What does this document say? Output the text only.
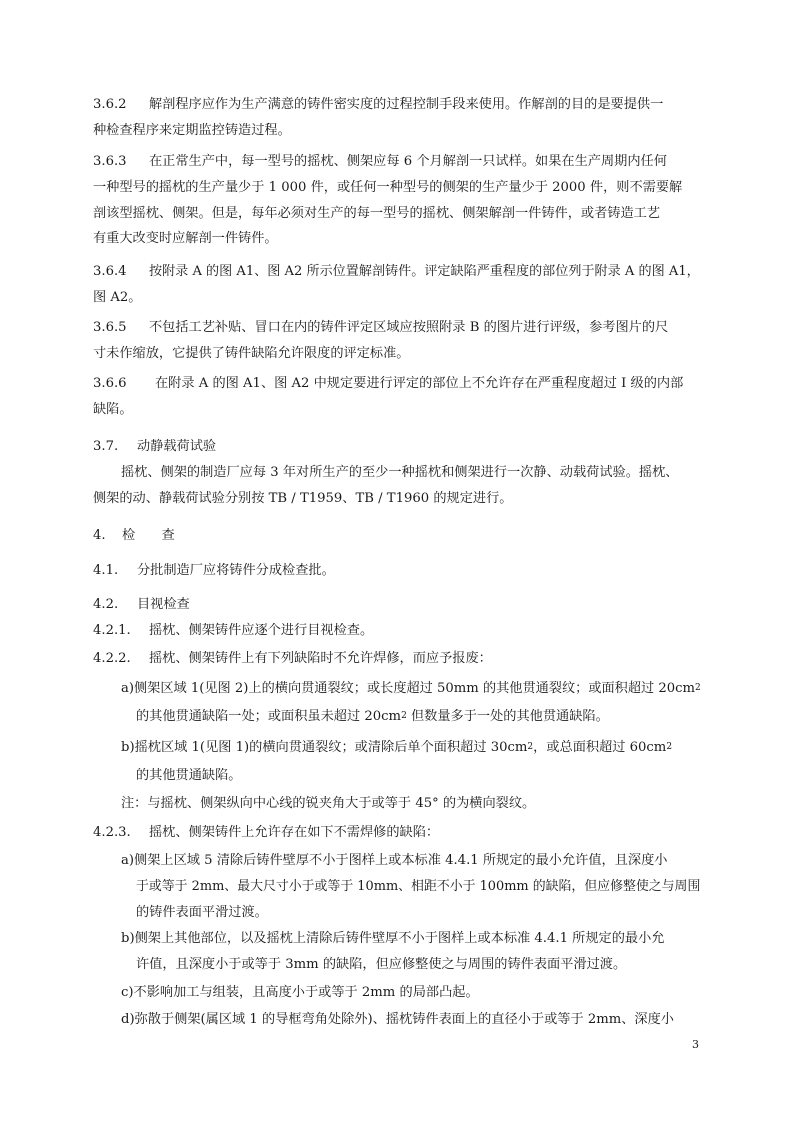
3.6.2 解剖程序应作为生产满意的铸件密实度的过程控制手段来使用。作解剖的目的是要提供一
种检查程序来定期监控铸造过程。
3.6.3 在正常生产中，每一型号的摇枕、侧架应每 6 个月解剖一只试样。如果在生产周期内任何
一种型号的摇枕的生产量少于 1 000 件，或任何一种型号的侧架的生产量少于 2000 件，则不需要解
剖该型摇枕、侧架。但是，每年必须对生产的每一型号的摇枕、侧架解剖一件铸件，或者铸造工艺
有重大改变时应解剖一件铸件。
3.6.4 按附录 A 的图 A1、图 A2 所示位置解剖铸件。评定缺陷严重程度的部位列于附录 A 的图 A1，
图 A2。
3.6.5 不包括工艺补贴、冒口在内的铸件评定区域应按照附录 B 的图片进行评级，参考图片的尺
寸未作缩放，它提供了铸件缺陷允许限度的评定标准。
3.6.6 在附录 A 的图 A1、图 A2 中规定要进行评定的部位上不允许存在严重程度超过 I 级的内部
缺陷。
3.7. 动静载荷试验
摇枕、侧架的制造厂应每 3 年对所生产的至少一种摇枕和侧架进行一次静、动载荷试验。摇枕、
侧架的动、静载荷试验分别按 TB / T1959、TB / T1960 的规定进行。
4. 检　　查
4.1. 分批制造厂应将铸件分成检查批。
4.2. 目视检查
4.2.1. 摇枕、侧架铸件应逐个进行目视检查。
4.2.2. 摇枕、侧架铸件上有下列缺陷时不允许焊修，而应予报废：
a)侧架区域 1(见图 2)上的横向贯通裂纹；或长度超过 50mm 的其他贯通裂纹；或面积超过 $20cm^2$
的其他贯通缺陷一处；或面积虽未超过 $20cm^2$ 但数量多于一处的其他贯通缺陷。
b)摇枕区域 1(见图 1)的横向贯通裂纹；或清除后单个面积超过 $30cm^2$，或总面积超过 $60cm^2$
的其他贯通缺陷。
注：与摇枕、侧架纵向中心线的锐夹角大于或等于 45° 的为横向裂纹。
4.2.3. 摇枕、侧架铸件上允许存在如下不需焊修的缺陷：
a)侧架上区域 5 清除后铸件壁厚不小于图样上或本标准 4.4.1 所规定的最小允许值，且深度小
于或等于 2mm、最大尺寸小于或等于 10mm、相距不小于 100mm 的缺陷，但应修整使之与周围
的铸件表面平滑过渡。
b)侧架上其他部位，以及摇枕上清除后铸件壁厚不小于图样上或本标准 4.4.1 所规定的最小允
许值，且深度小于或等于 3mm 的缺陷，但应修整使之与周围的铸件表面平滑过渡。
c)不影响加工与组装，且高度小于或等于 2mm 的局部凸起。
d)弥散于侧架(属区域 1 的导框弯角处除外)、摇枕铸件表面上的直径小于或等于 2mm、深度小
3
